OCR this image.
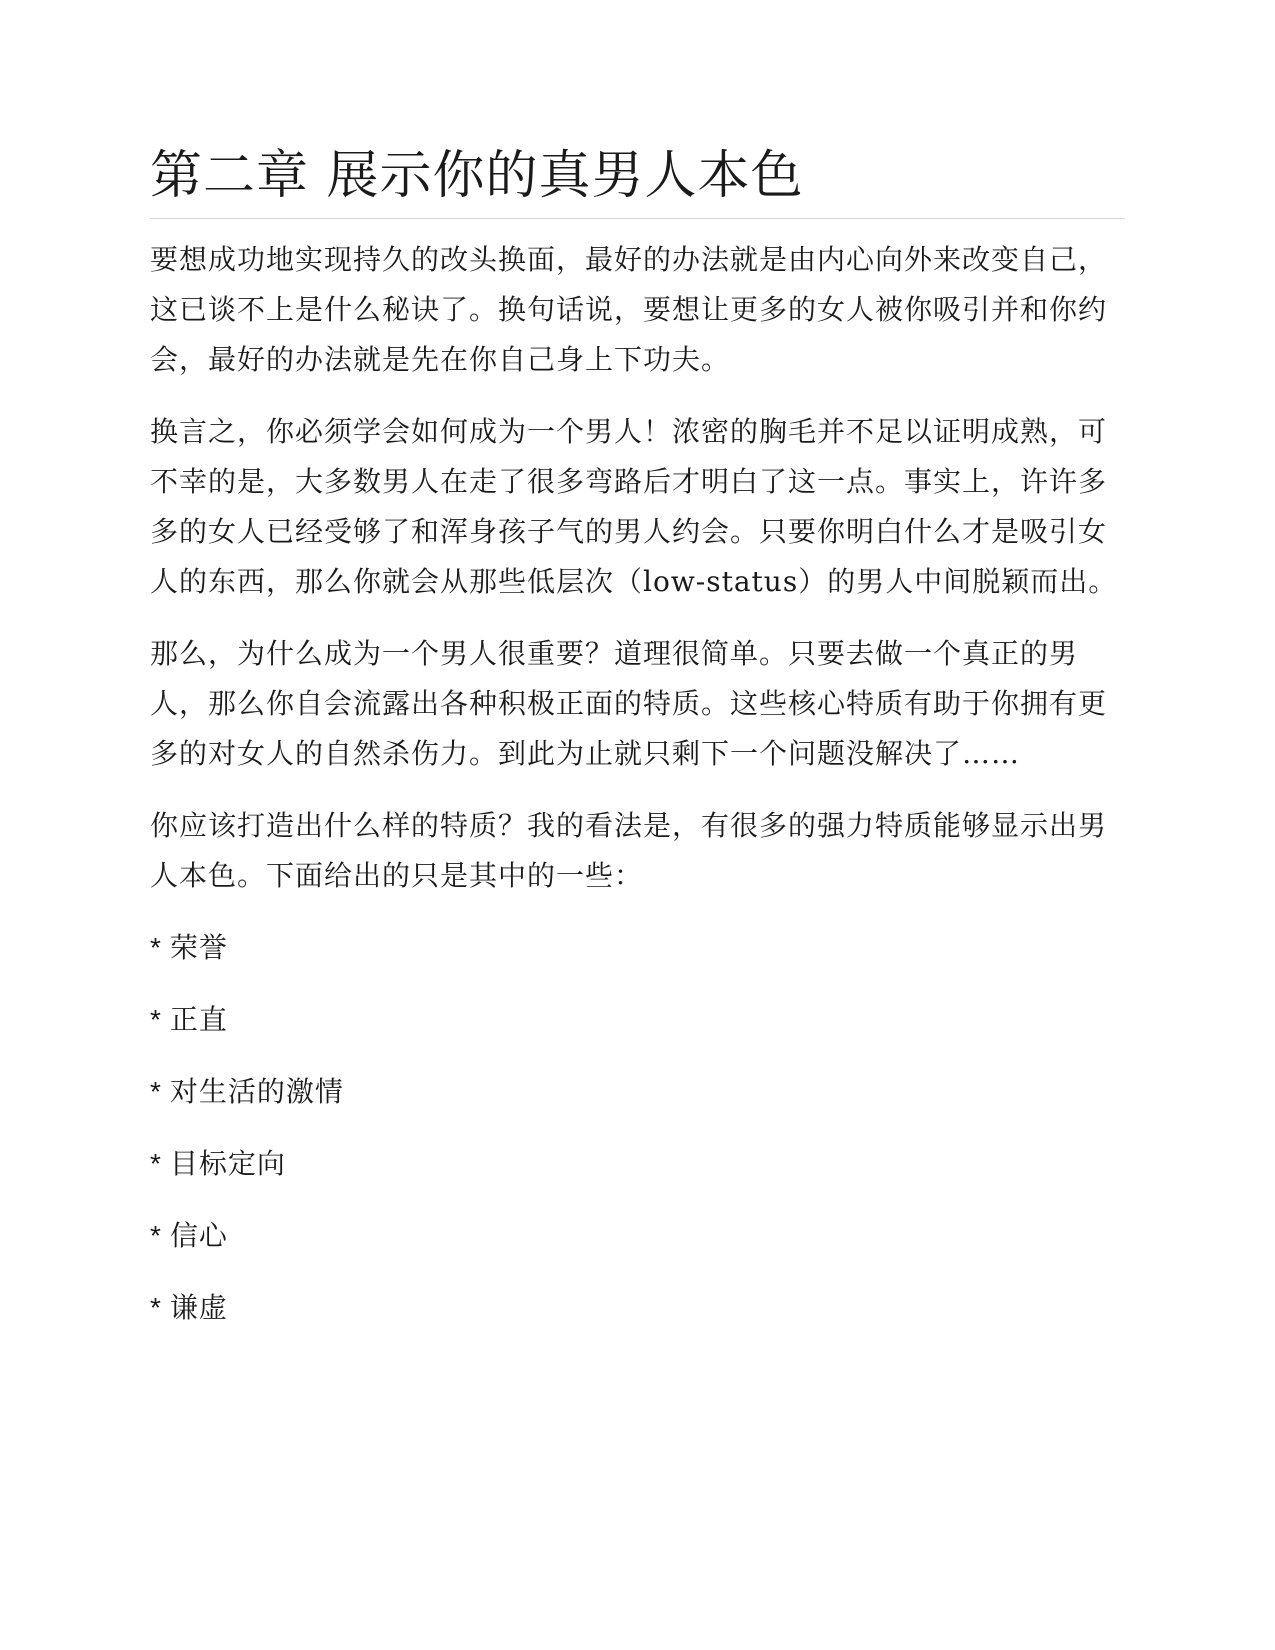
第二章 展示你的真男人本色

要想成功地实现持久的改头换面，最好的办法就是由内心向外来改变自己，这已谈不上是什么秘诀了。换句话说，要想让更多的女人被你吸引并和你约会，最好的办法就是先在你自己身上下功夫。

换言之，你必须学会如何成为一个男人！浓密的胸毛并不足以证明成熟，可不幸的是，大多数男人在走了很多弯路后才明白了这一点。事实上，许许多多的女人已经受够了和浑身孩子气的男人约会。只要你明白什么才是吸引女人的东西，那么你就会从那些低层次（low-status）的男人中间脱颖而出。

那么，为什么成为一个男人很重要？道理很简单。只要去做一个真正的男人，那么你自会流露出各种积极正面的特质。这些核心特质有助于你拥有更多的对女人的自然杀伤力。到此为止就只剩下一个问题没解决了……

你应该打造出什么样的特质？我的看法是，有很多的强力特质能够显示出男人本色。下面给出的只是其中的一些：

* 荣誉
* 正直
* 对生活的激情
* 目标定向
* 信心
* 谦虚
